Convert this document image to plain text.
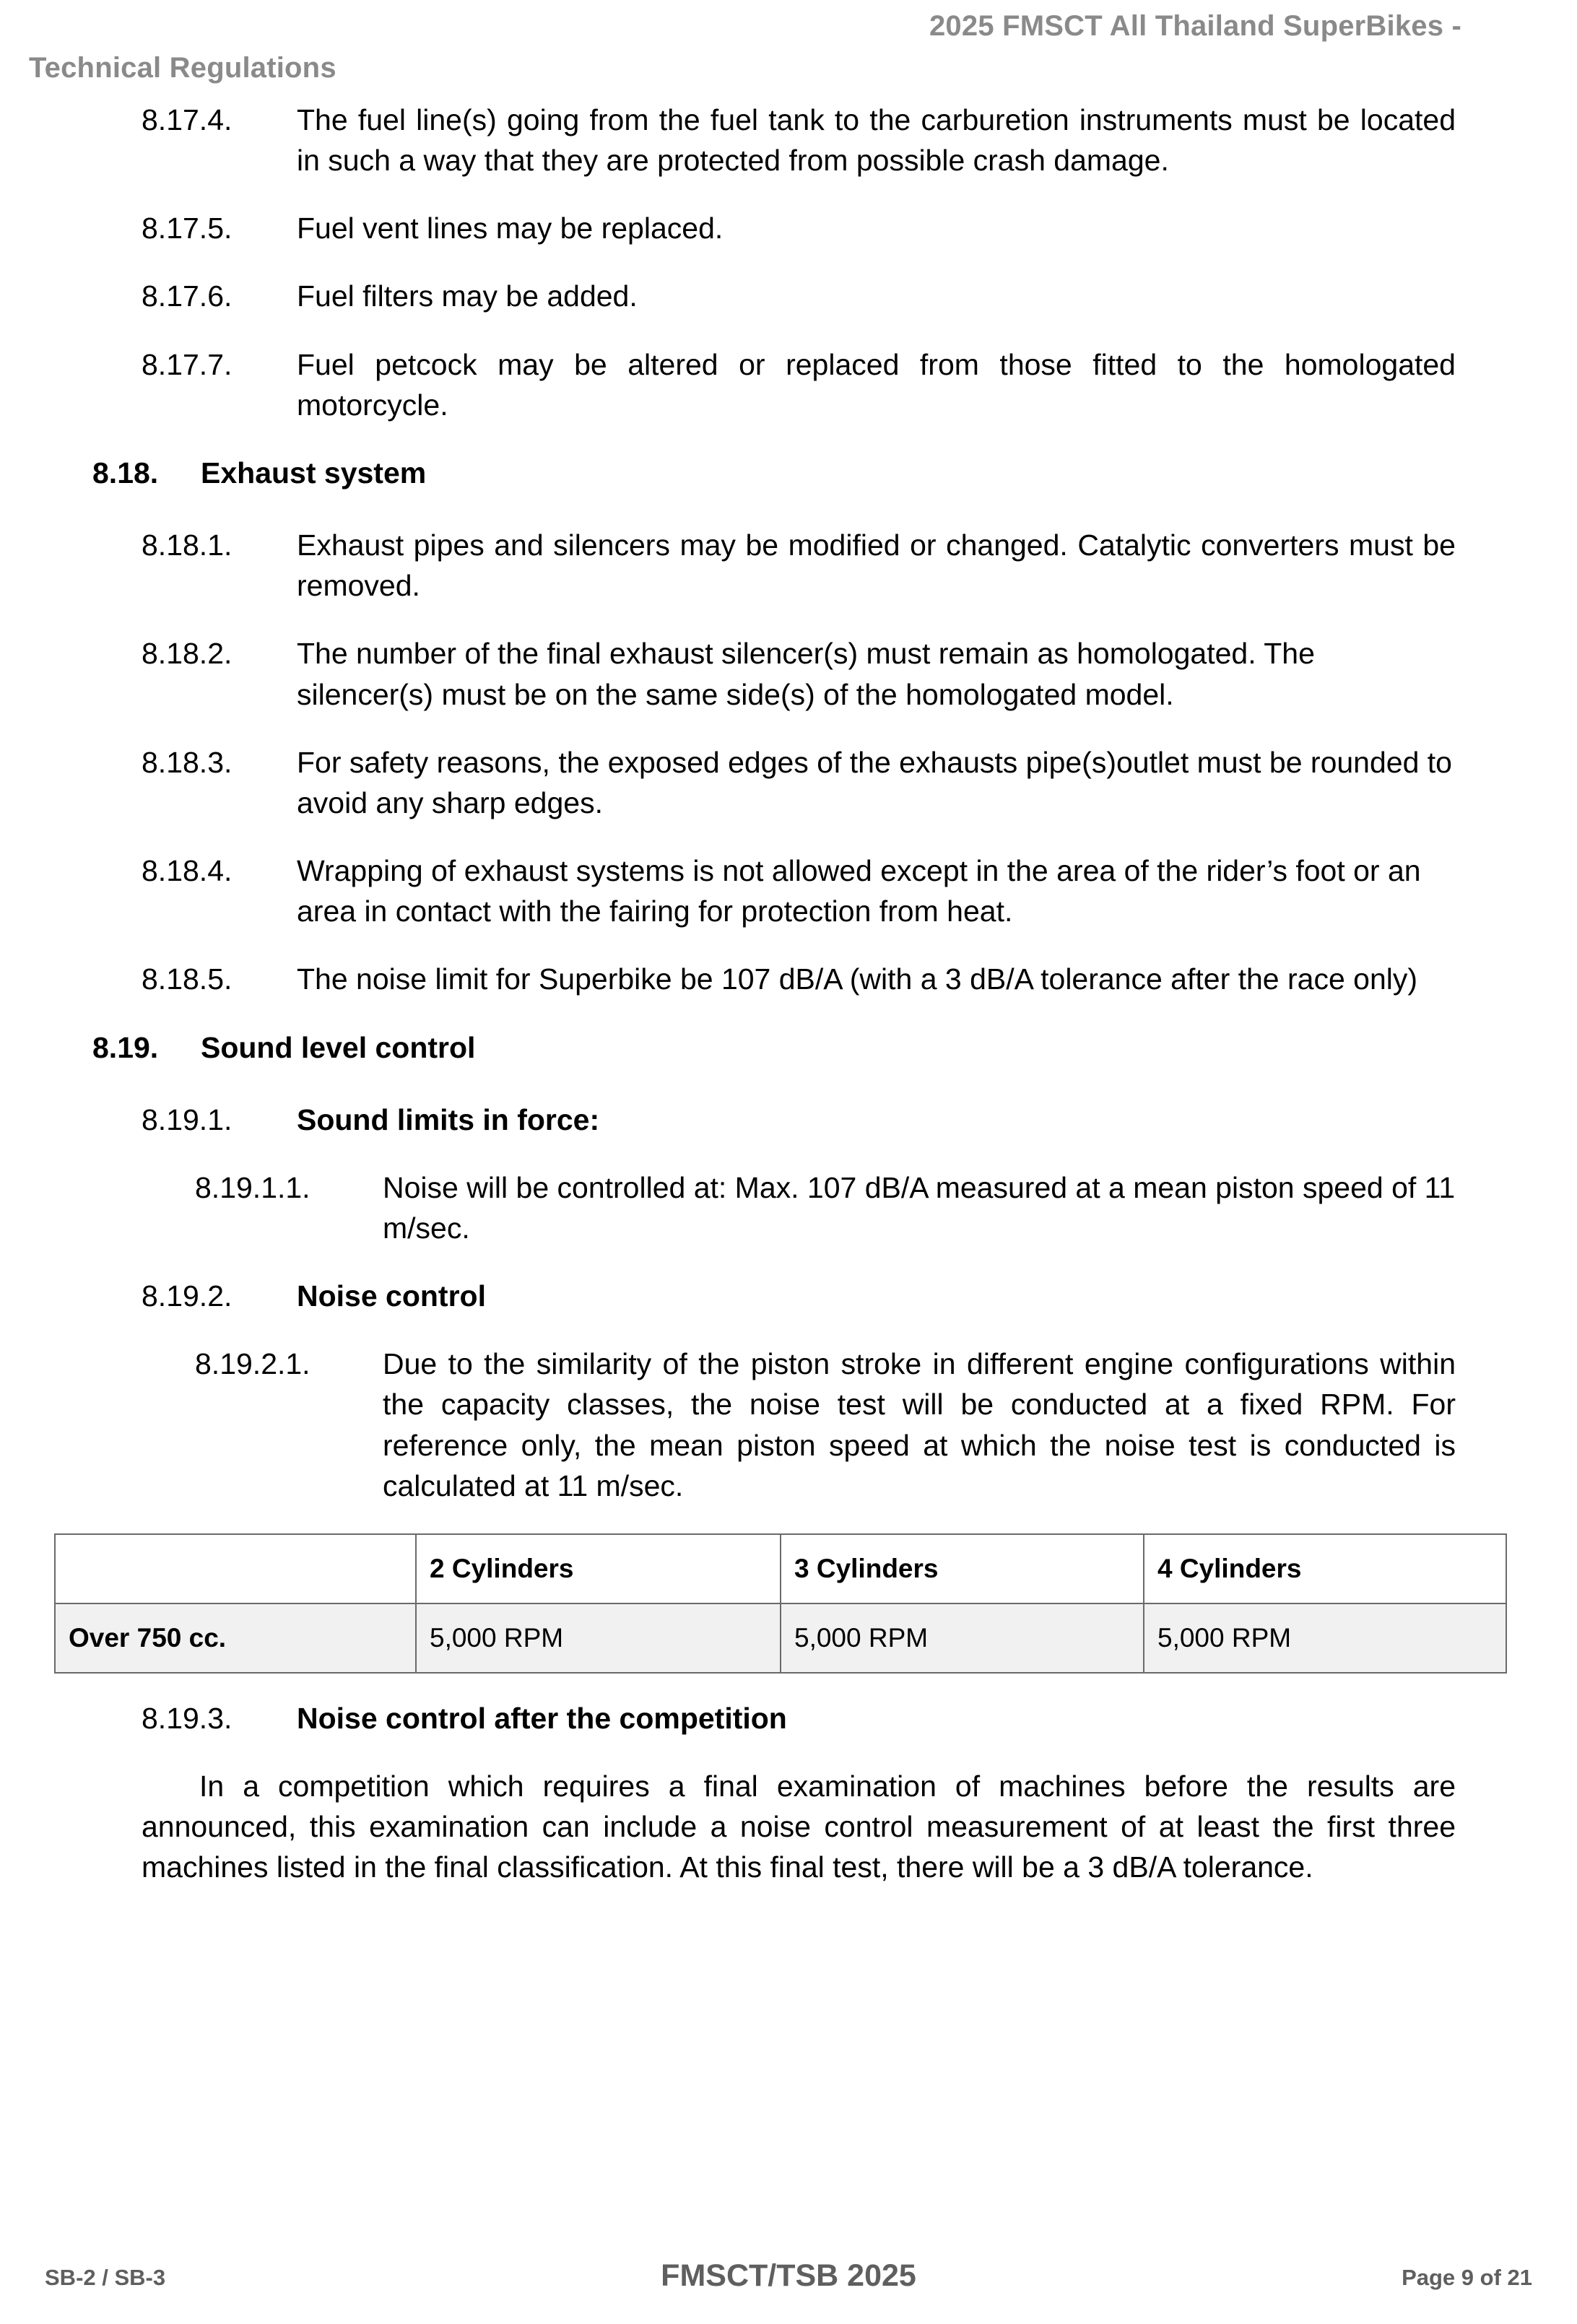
2025 FMSCT All Thailand SuperBikes -
Technical Regulations
8.17.4.	The fuel line(s) going from the fuel tank to the carburetion instruments must be located in such a way that they are protected from possible crash damage.
8.17.5.	Fuel vent lines may be replaced.
8.17.6.	Fuel filters may be added.
8.17.7.	Fuel petcock may be altered or replaced from those fitted to the homologated motorcycle.
8.18.	Exhaust system
8.18.1.	Exhaust pipes and silencers may be modified or changed. Catalytic converters must be removed.
8.18.2.	The number of the final exhaust silencer(s) must remain as homologated. The silencer(s) must be on the same side(s) of the homologated model.
8.18.3.	For safety reasons, the exposed edges of the exhausts pipe(s)outlet must be rounded to avoid any sharp edges.
8.18.4.	Wrapping of exhaust systems is not allowed except in the area of the rider’s foot or an area in contact with the fairing for protection from heat.
8.18.5.	The noise limit for Superbike be 107 dB/A (with a 3 dB/A tolerance after the race only)
8.19.	Sound level control
8.19.1.	Sound limits in force:
8.19.1.1.	Noise will be controlled at: Max. 107 dB/A measured at a mean piston speed of 11 m/sec.
8.19.2.	Noise control
8.19.2.1.	Due to the similarity of the piston stroke in different engine configurations within the capacity classes, the noise test will be conducted at a fixed RPM. For reference only, the mean piston speed at which the noise test is conducted is calculated at 11 m/sec.
	2 Cylinders	3 Cylinders	4 Cylinders
Over 750 cc.	5,000 RPM	5,000 RPM	5,000 RPM
8.19.3.	Noise control after the competition
In a competition which requires a final examination of machines before the results are announced, this examination can include a noise control measurement of at least the first three machines listed in the final classification. At this final test, there will be a 3 dB/A tolerance.
SB-2 / SB-3	FMSCT/TSB 2025	Page 9 of 21
